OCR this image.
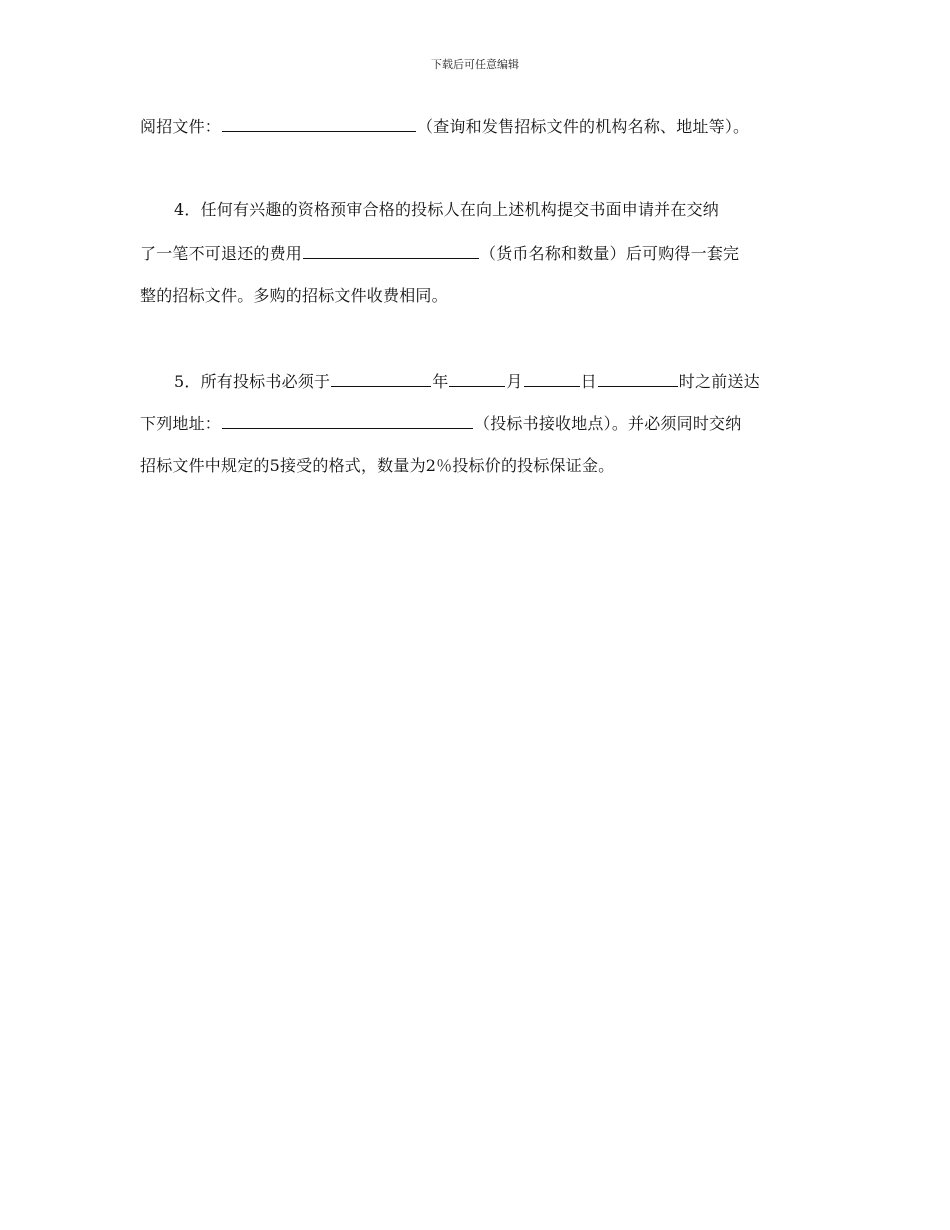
下载后可任意编辑
阅招文件：	（查询和发售招标文件的机构名称、地址等）。
4．任何有兴趣的资格预审合格的投标人在向上述机构提交书面申请并在交纳
了一笔不可退还的费用	（货币名称和数量）后可购得一套完
整的招标文件。多购的招标文件收费相同。
5．所有投标书必须于	年	月	日	时之前送达
下列地址：	（投标书接收地点）。并必须同时交纳
招标文件中规定的5接受的格式，数量为2％投标价的投标保证金。
